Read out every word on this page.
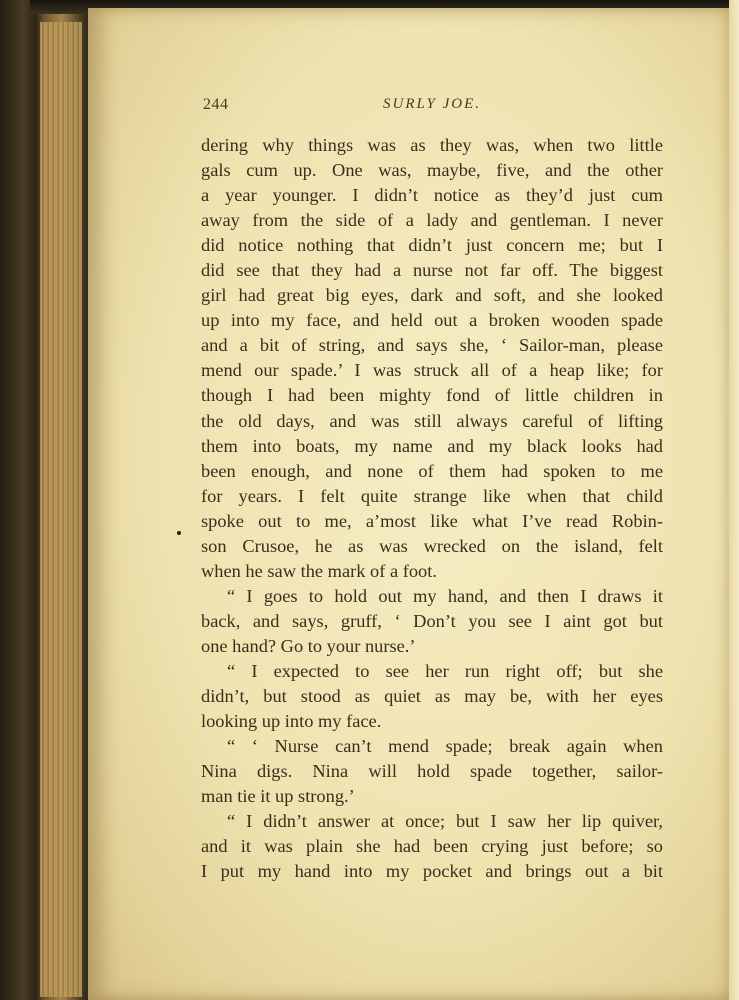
244	SURLY JOE.
dering why things was as they was, when two little
gals cum up. One was, maybe, five, and the other
a year younger. I didn’t notice as they’d just cum
away from the side of a lady and gentleman. I never
did notice nothing that didn’t just concern me; but I
did see that they had a nurse not far off. The biggest
girl had great big eyes, dark and soft, and she looked
up into my face, and held out a broken wooden spade
and a bit of string, and says she, ‘ Sailor-man, please
mend our spade.’ I was struck all of a heap like; for
though I had been mighty fond of little children in
the old days, and was still always careful of lifting
them into boats, my name and my black looks had
been enough, and none of them had spoken to me
for years. I felt quite strange like when that child
spoke out to me, a’most like what I’ve read Robin-
son Crusoe, he as was wrecked on the island, felt
when he saw the mark of a foot.
“ I goes to hold out my hand, and then I draws it
back, and says, gruff, ‘ Don’t you see I aint got but
one hand? Go to your nurse.’
“ I expected to see her run right off; but she
didn’t, but stood as quiet as may be, with her eyes
looking up into my face.
“ ‘ Nurse can’t mend spade; break again when
Nina digs. Nina will hold spade together, sailor-
man tie it up strong.’
“ I didn’t answer at once; but I saw her lip quiver,
and it was plain she had been crying just before; so
I put my hand into my pocket and brings out a bit
